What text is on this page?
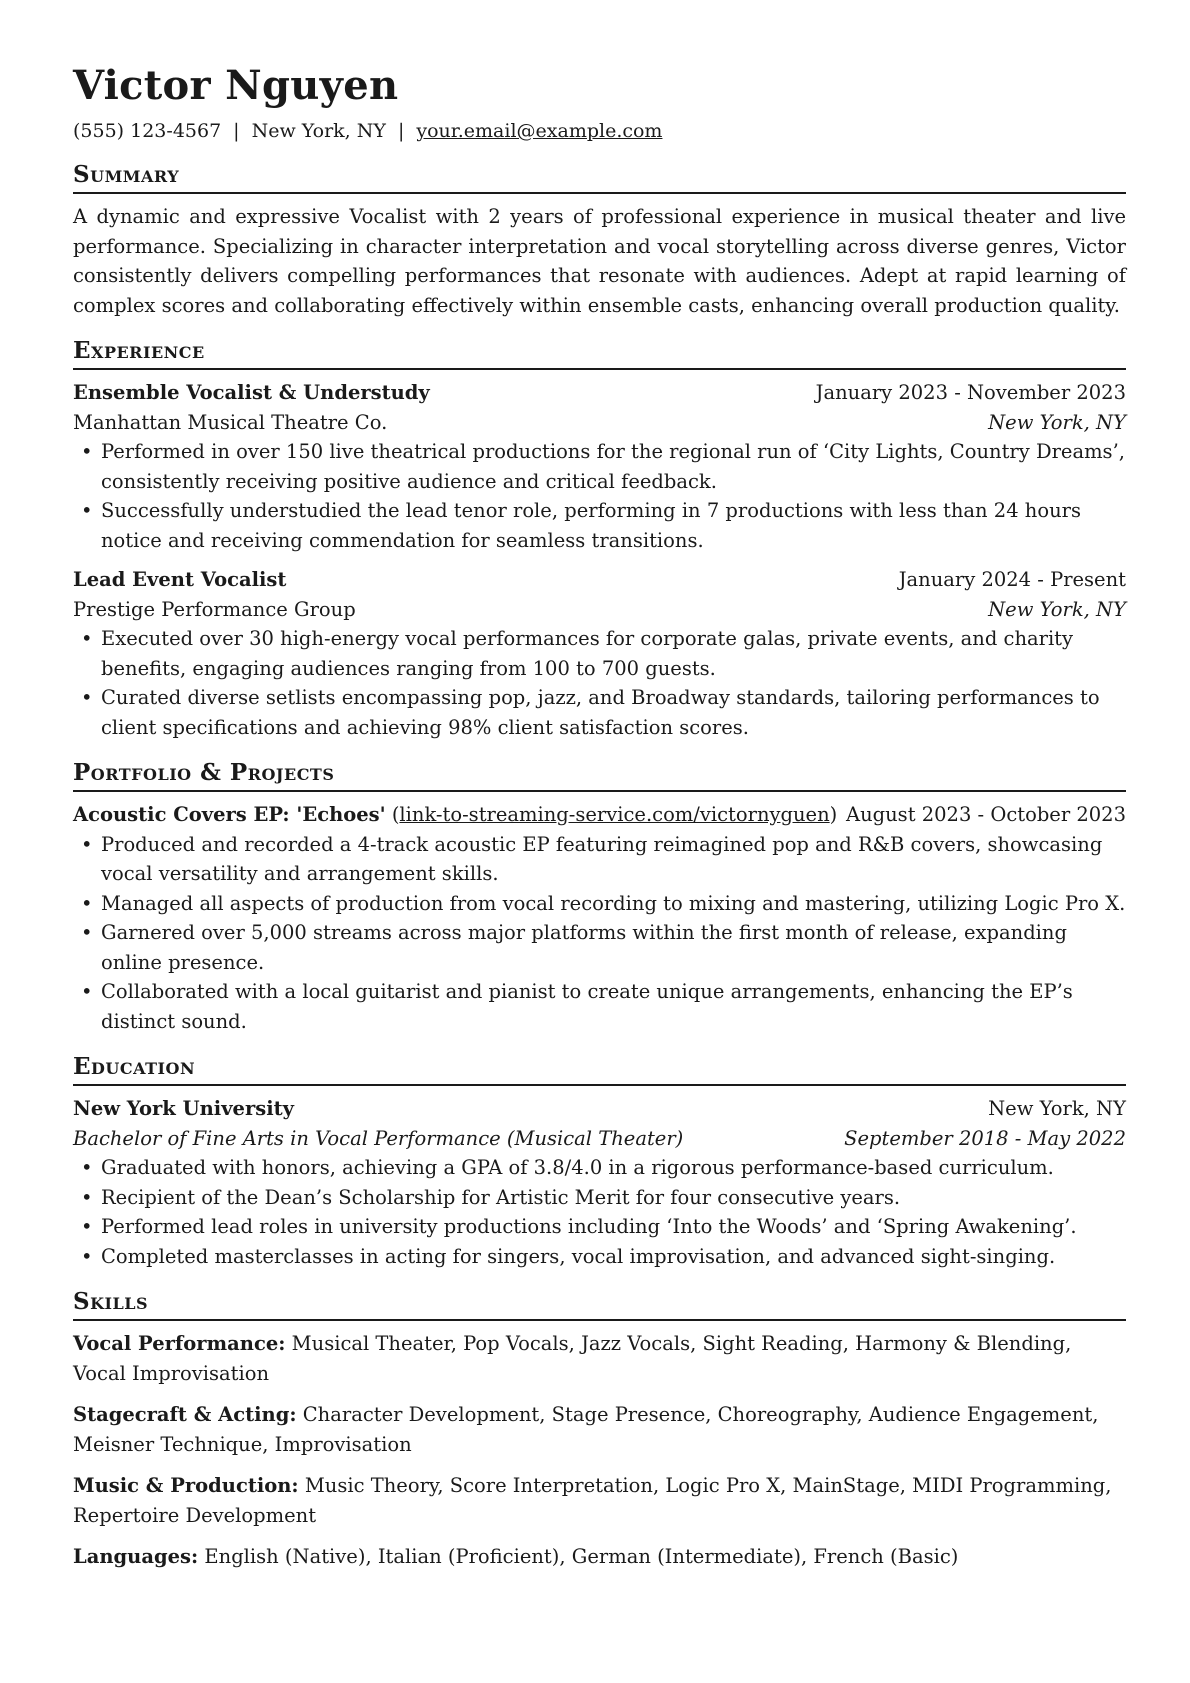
Victor Nguyen
(555) 123-4567 | New York, NY | your.email@example.com
Summary
A dynamic and expressive Vocalist with 2 years of professional experience in musical theater and live performance. Specializing in character interpretation and vocal storytelling across diverse genres, Victor consistently delivers compelling performances that resonate with audiences. Adept at rapid learning of complex scores and collaborating effectively within ensemble casts, enhancing overall production quality.
Experience
Ensemble Vocalist & Understudy	January 2023 - November 2023
Manhattan Musical Theatre Co.	New York, NY
• Performed in over 150 live theatrical productions for the regional run of ‘City Lights, Country Dreams’, consistently receiving positive audience and critical feedback.
• Successfully understudied the lead tenor role, performing in 7 productions with less than 24 hours notice and receiving commendation for seamless transitions.
Lead Event Vocalist	January 2024 - Present
Prestige Performance Group	New York, NY
• Executed over 30 high-energy vocal performances for corporate galas, private events, and charity benefits, engaging audiences ranging from 100 to 700 guests.
• Curated diverse setlists encompassing pop, jazz, and Broadway standards, tailoring performances to client specifications and achieving 98% client satisfaction scores.
Portfolio & Projects
Acoustic Covers EP: 'Echoes' (link-to-streaming-service.com/victornyguen) August 2023 - October 2023
• Produced and recorded a 4-track acoustic EP featuring reimagined pop and R&B covers, showcasing vocal versatility and arrangement skills.
• Managed all aspects of production from vocal recording to mixing and mastering, utilizing Logic Pro X.
• Garnered over 5,000 streams across major platforms within the first month of release, expanding online presence.
• Collaborated with a local guitarist and pianist to create unique arrangements, enhancing the EP’s distinct sound.
Education
New York University	New York, NY
Bachelor of Fine Arts in Vocal Performance (Musical Theater)	September 2018 - May 2022
• Graduated with honors, achieving a GPA of 3.8/4.0 in a rigorous performance-based curriculum.
• Recipient of the Dean’s Scholarship for Artistic Merit for four consecutive years.
• Performed lead roles in university productions including ‘Into the Woods’ and ‘Spring Awakening’.
• Completed masterclasses in acting for singers, vocal improvisation, and advanced sight-singing.
Skills
Vocal Performance: Musical Theater, Pop Vocals, Jazz Vocals, Sight Reading, Harmony & Blending, Vocal Improvisation
Stagecraft & Acting: Character Development, Stage Presence, Choreography, Audience Engagement, Meisner Technique, Improvisation
Music & Production: Music Theory, Score Interpretation, Logic Pro X, MainStage, MIDI Programming, Repertoire Development
Languages: English (Native), Italian (Proficient), German (Intermediate), French (Basic)
